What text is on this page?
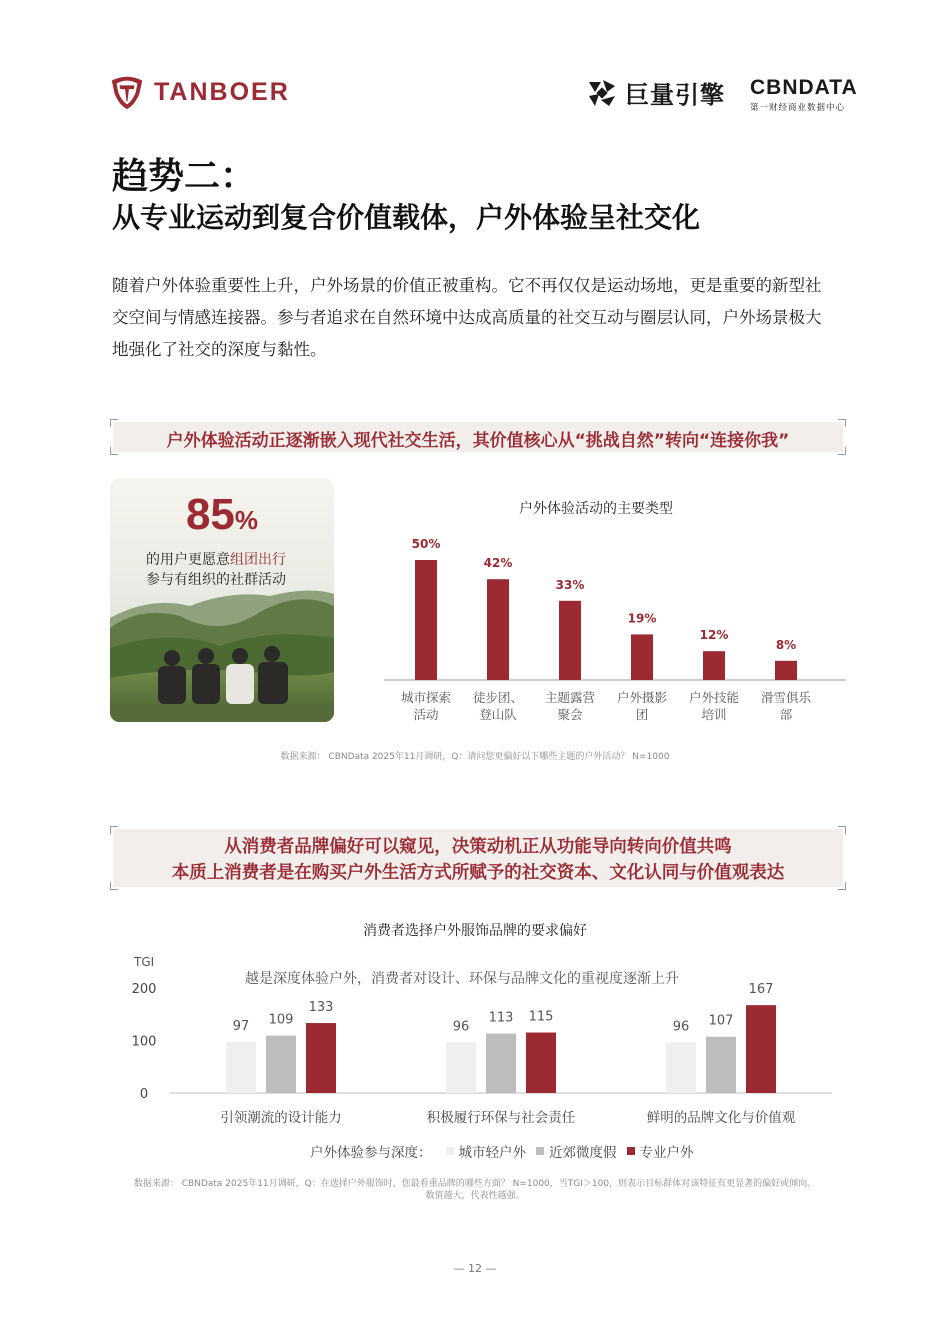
TANBOER	巨量引擎 CBNDATA
第一财经商业数据中心
趋势二：
从专业运动到复合价值载体，户外体验呈社交化
随着户外体验重要性上升，户外场景的价值正被重构。它不再仅仅是运动场地，更是重要的新型社交空间与情感连接器。参与者追求在自然环境中达成高质量的社交互动与圈层认同，户外场景极大地强化了社交的深度与黏性。
户外体验活动正逐渐嵌入现代社交生活，其价值核心从“挑战自然”转向“连接你我”
85%
的用户更愿意组团出行
参与有组织的社群活动
户外体验活动的主要类型
50%
城市探索
活动
42%
徒步团、
登山队
33%
主题露营
聚会
19%
户外摄影
团
12%
户外技能
培训
8%
滑雪俱乐
部
数据来源： CBNData 2025年11月调研，Q：请问您更偏好以下哪些主题的户外活动？ N=1000
从消费者品牌偏好可以窥见，决策动机正从功能导向转向价值共鸣
本质上消费者是在购买户外生活方式所赋予的社交资本、文化认同与价值观表达
消费者选择户外服饰品牌的要求偏好
TGI
0
100
200
97 109
133
引领潮流的设计能力
96
113 115
积极履行环保与社会责任
96 107
167
鲜明的品牌文化与价值观
越是深度体验户外，消费者对设计、环保与品牌文化的重视度逐渐上升
户外体验参与深度： 城市轻户外 近郊微度假 专业户外
数据来源： CBNData 2025年11月调研，Q：在选择户外服饰时，您最看重品牌的哪些方面？ N=1000，当TGI＞100，则表示目标群体对该特征有更显著的偏好或倾向。
数值越大，代表性越强。
— 12 —
